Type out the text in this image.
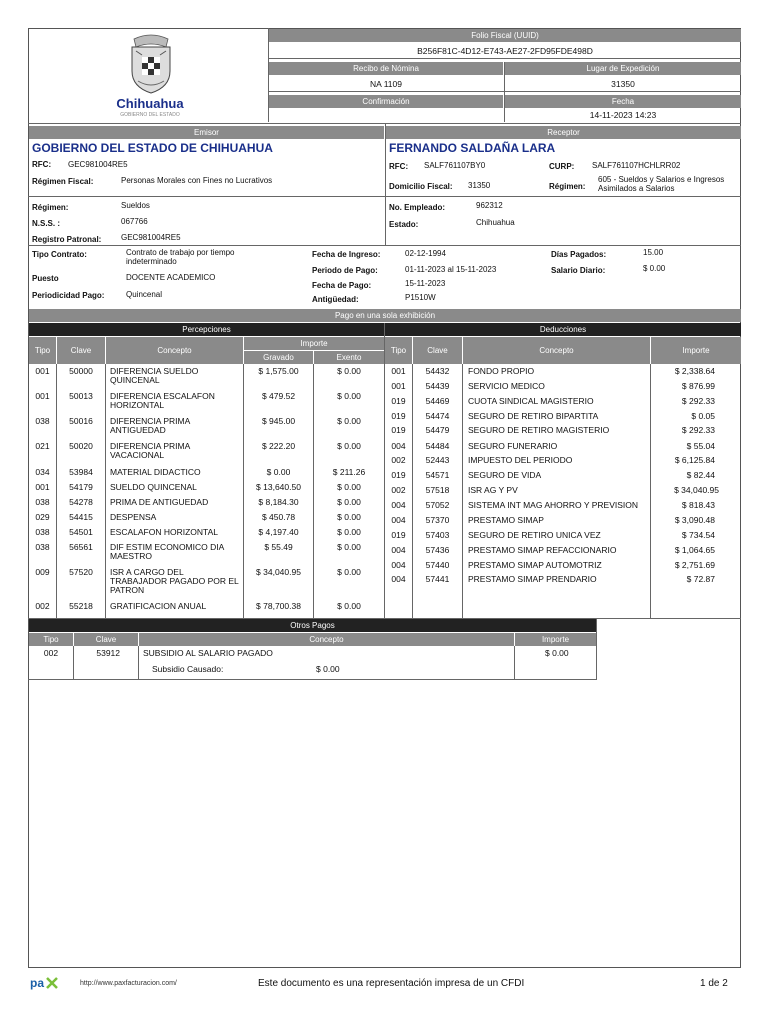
Chihuahua
GOBIERNO DEL ESTADO
Folio Fiscal (UUID)
B256F81C-4D12-E743-AE27-2FD95FDE498D
Recibo de Nómina	Lugar de Expedición
NA 1109	31350
Confirmación	Fecha
14-11-2023 14:23
Emisor	Receptor
GOBIERNO DEL ESTADO DE CHIHUAHUA
RFC: GEC981004RE5
Régimen Fiscal:	Personas Morales con Fines no Lucrativos
FERNANDO SALDAÑA LARA
RFC: SALF761107BY0	CURP: SALF761107HCHLRR02
Domicilio Fiscal: 31350	Régimen:
605 - Sueldos y Salarios e Ingresos Asimilados a Salarios
Régimen:	Sueldos
N.S.S. :	067766
Registro Patronal: GEC981004RE5
No. Empleado:	962312
Estado:	Chihuahua
Tipo Contrato:	Contrato de trabajo por tiempo indeterminado
Puesto	DOCENTE ACADEMICO
Periodicidad Pago:	Quincenal
Fecha de Ingreso:	02-12-1994
Periodo de Pago:	01-11-2023 al 15-11-2023
Fecha de Pago:	15-11-2023
Antigüedad:	P1510W
Días Pagados:	15.00
Salario Diario:	$ 0.00
Pago en una sola exhibición
Percepciones	Deducciones
Tipo	Clave	Concepto
Importe
Gravado	Exento
Tipo	Clave	Concepto	Importe
001	50000	DIFERENCIA SUELDO QUINCENAL
$ 1,575.00	$ 0.00
001	50013	DIFERENCIA ESCALAFON HORIZONTAL
$ 479.52	$ 0.00
038	50016	DIFERENCIA PRIMA ANTIGUEDAD
$ 945.00	$ 0.00
021	50020	DIFERENCIA PRIMA VACACIONAL
$ 222.20	$ 0.00
034	53984	MATERIAL DIDACTICO	$ 0.00	$ 211.26
001	54179	SUELDO QUINCENAL	$ 13,640.50	$ 0.00
038	54278	PRIMA DE ANTIGUEDAD	$ 8,184.30	$ 0.00
029	54415	DESPENSA	$ 450.78	$ 0.00
038	54501	ESCALAFON HORIZONTAL	$ 4,197.40	$ 0.00
038	56561	DIF ESTIM ECONOMICO DIA MAESTRO
$ 55.49	$ 0.00
009	57520	ISR A CARGO DEL TRABAJADOR PAGADO POR EL PATRON
$ 34,040.95	$ 0.00
002	55218	GRATIFICACION ANUAL	$ 78,700.38	$ 0.00
001	54432	FONDO PROPIO	$ 2,338.64
001	54439	SERVICIO MEDICO	$ 876.99
019	54469	CUOTA SINDICAL MAGISTERIO	$ 292.33
019	54474	SEGURO DE RETIRO BIPARTITA	$ 0.05
019	54479	SEGURO DE RETIRO MAGISTERIO	$ 292.33
004	54484	SEGURO FUNERARIO	$ 55.04
002	52443	IMPUESTO DEL PERIODO	$ 6,125.84
019	54571	SEGURO DE VIDA	$ 82.44
002	57518	ISR AG Y PV	$ 34,040.95
004	57052	SISTEMA INT MAG AHORRO Y PREVISION	$ 818.43
004	57370	PRESTAMO SIMAP	$ 3,090.48
019	57403	SEGURO DE RETIRO UNICA VEZ	$ 734.54
004	57436	PRESTAMO SIMAP REFACCIONARIO	$ 1,064.65
004	57440	PRESTAMO SIMAP AUTOMOTRIZ	$ 2,751.69
004	57441	PRESTAMO SIMAP PRENDARIO	$ 72.87
Otros Pagos
Tipo	Clave	Concepto	Importe
002	53912	SUBSIDIO AL SALARIO PAGADO	$ 0.00
Subsidio Causado:	$ 0.00
pa	http://www.paxfacturacion.com/	Este documento es una representación impresa de un CFDI	1 de 2
